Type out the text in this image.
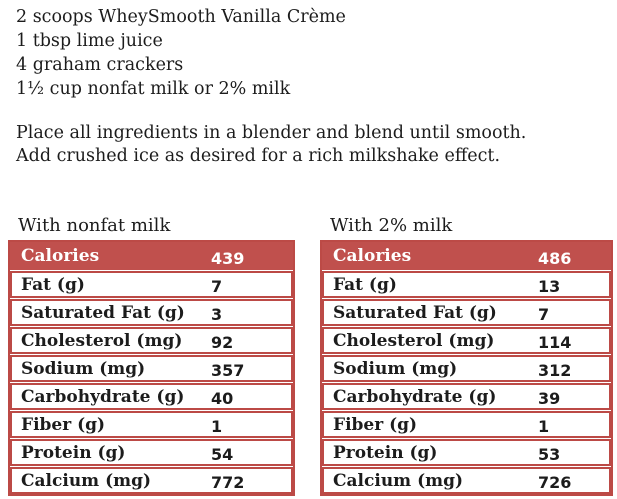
2 scoops WheySmooth Vanilla Crème
1 tbsp lime juice
4 graham crackers
1½ cup nonfat milk or 2% milk
Place all ingredients in a blender and blend until smooth.
Add crushed ice as desired for a rich milkshake effect.
With nonfat milk
Calories	439
Fat (g)	7
Saturated Fat (g)	3
Cholesterol (mg)	92
Sodium (mg)	357
Carbohydrate (g)	40
Fiber (g)	1
Protein (g)	54
Calcium (mg)	772
With 2% milk
Calories	486
Fat (g)	13
Saturated Fat (g)	7
Cholesterol (mg)	114
Sodium (mg)	312
Carbohydrate (g)	39
Fiber (g)	1
Protein (g)	53
Calcium (mg)	726
